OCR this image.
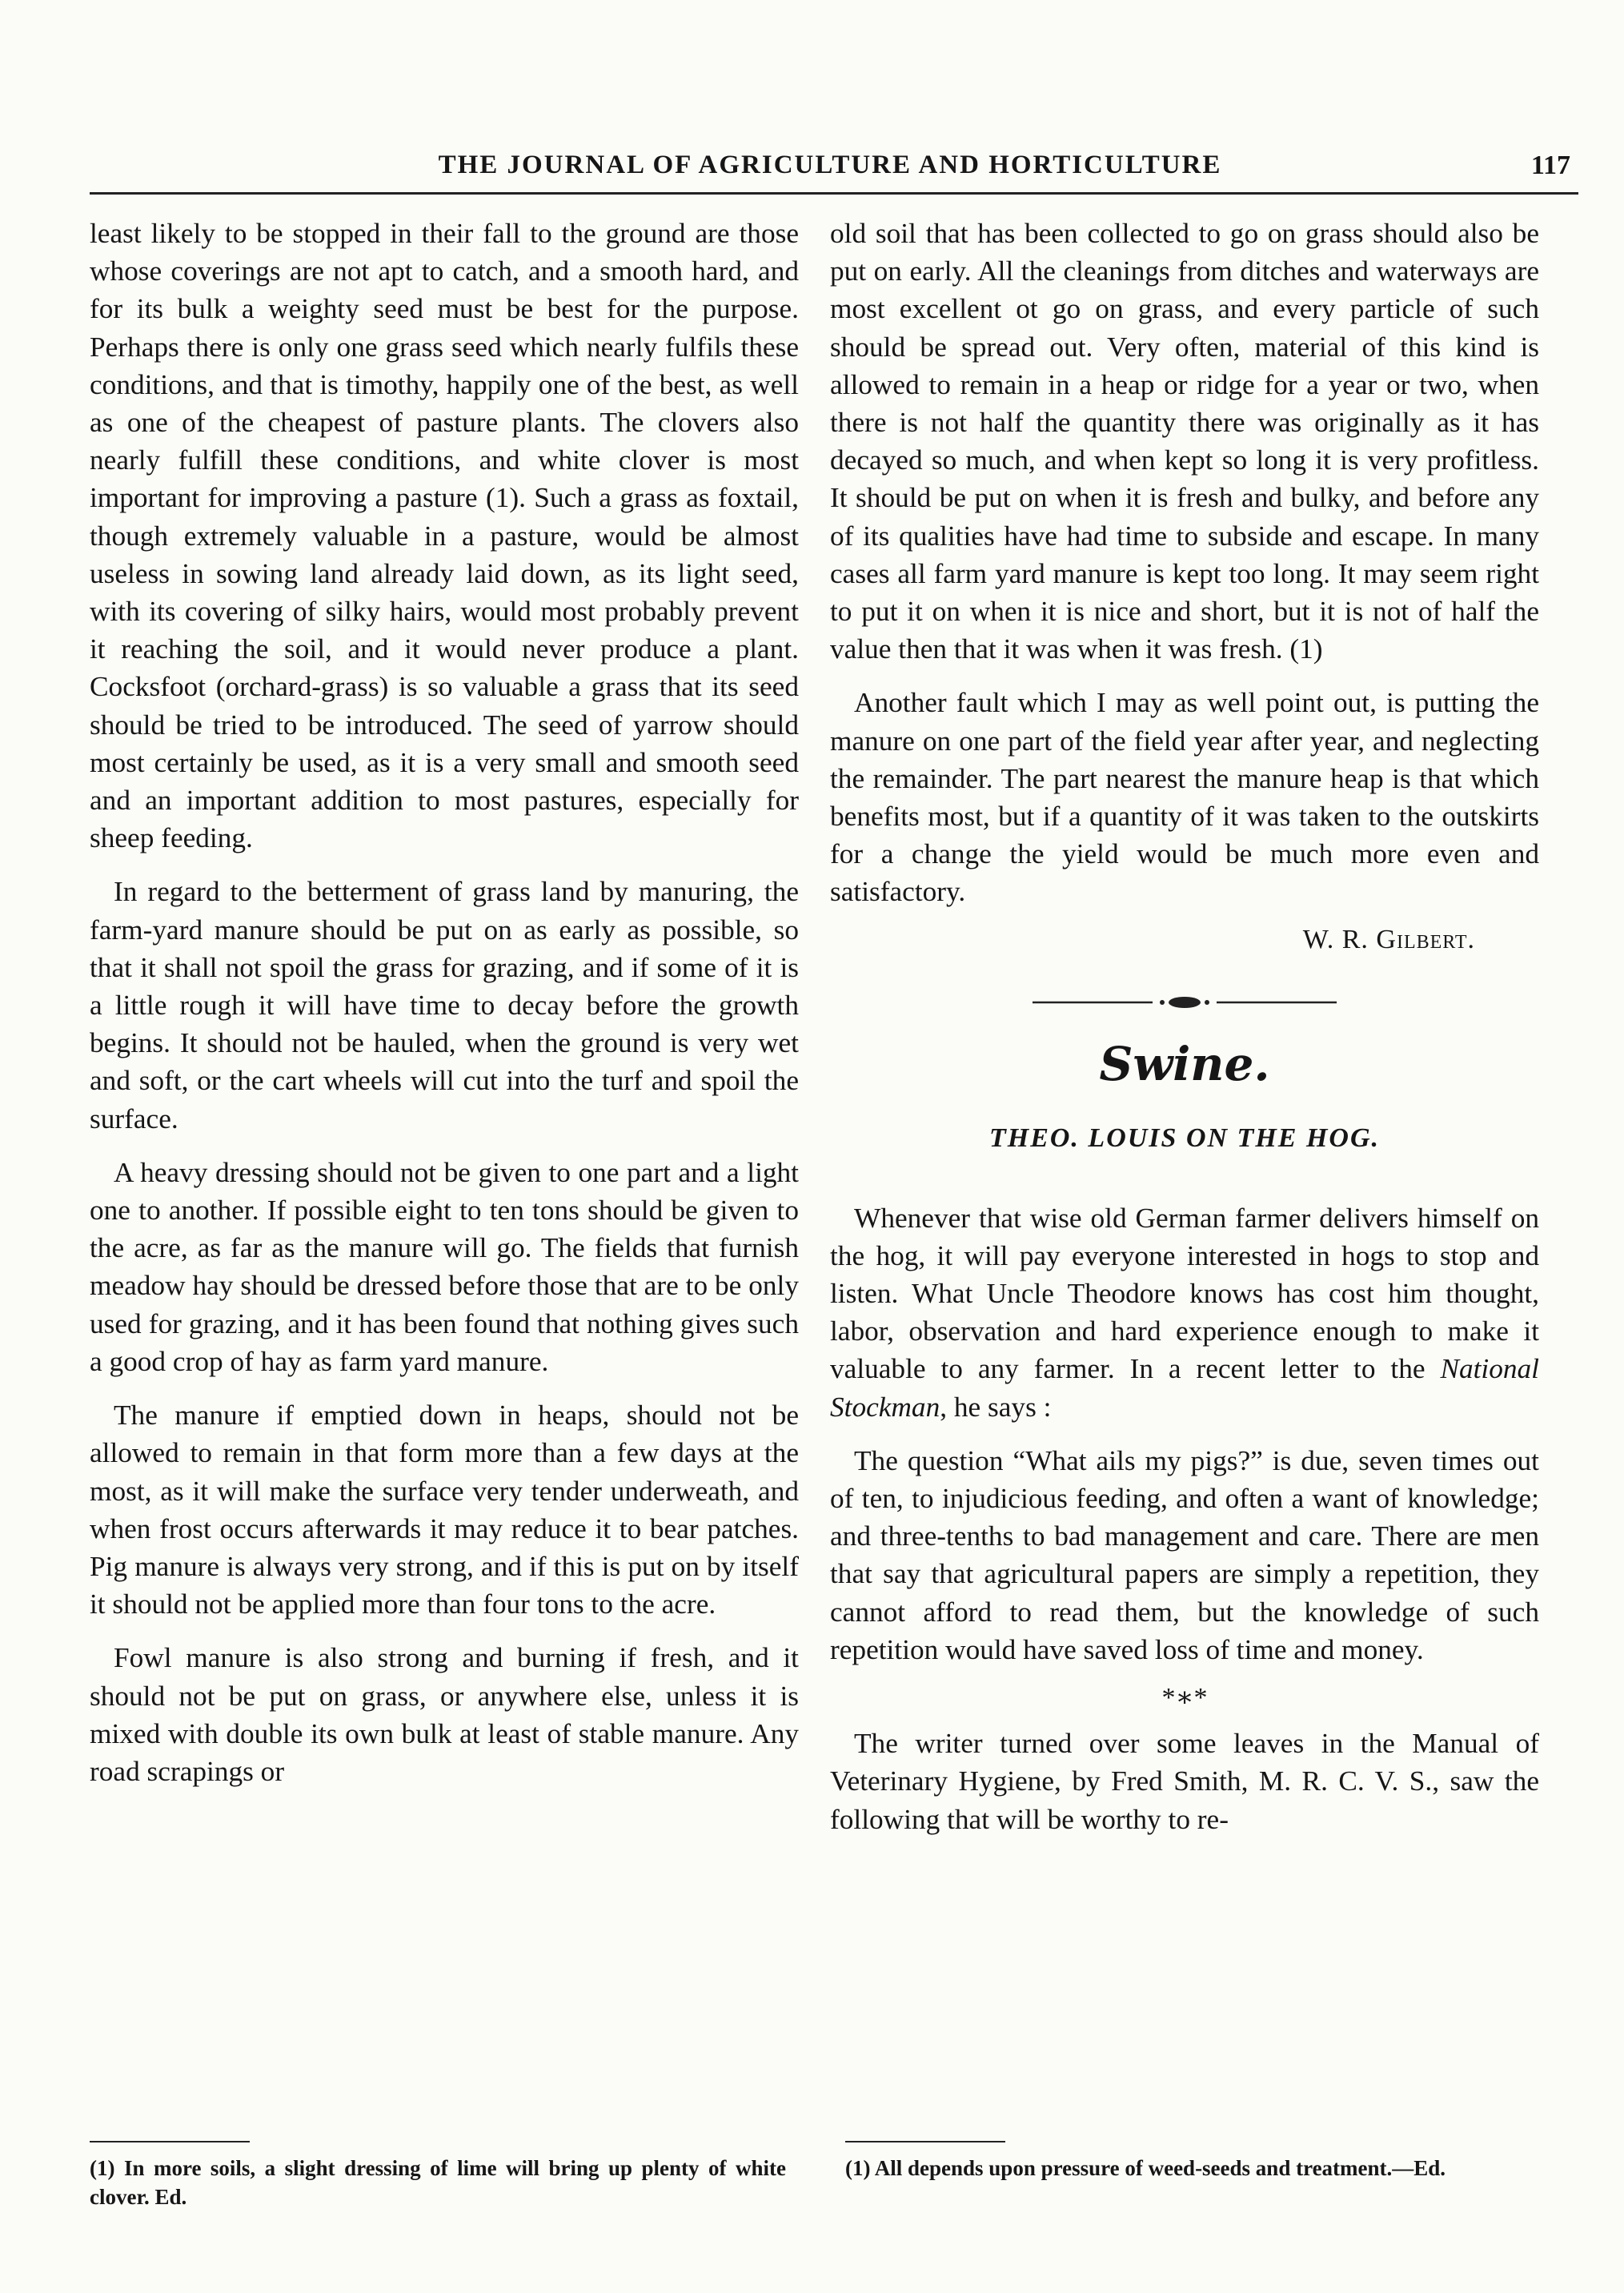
THE JOURNAL OF AGRICULTURE AND HORTICULTURE	117

least likely to be stopped in their fall to the ground are those whose coverings are not apt to catch, and a smooth hard, and for its bulk a weighty seed must be best for the purpose. Perhaps there is only one grass seed which nearly fulfils these conditions, and that is timothy, happily one of the best, as well as one of the cheapest of pasture plants. The clovers also nearly fulfill these conditions, and white clover is most important for improving a pasture (1). Such a grass as foxtail, though extremely valuable in a pasture, would be almost useless in sowing land already laid down, as its light seed, with its covering of silky hairs, would most probably prevent it reaching the soil, and it would never produce a plant. Cocksfoot (orchard-grass) is so valuable a grass that its seed should be tried to be introduced. The seed of yarrow should most certainly be used, as it is a very small and smooth seed and an important addition to most pastures, especially for sheep feeding.

In regard to the betterment of grass land by manuring, the farm-yard manure should be put on as early as possible, so that it shall not spoil the grass for grazing, and if some of it is a little rough it will have time to decay before the growth begins. It should not be hauled, when the ground is very wet and soft, or the cart wheels will cut into the turf and spoil the surface.

A heavy dressing should not be given to one part and a light one to another. If possible eight to ten tons should be given to the acre, as far as the manure will go. The fields that furnish meadow hay should be dressed before those that are to be only used for grazing, and it has been found that nothing gives such a good crop of hay as farm yard manure.

The manure if emptied down in heaps, should not be allowed to remain in that form more than a few days at the most, as it will make the surface very tender underweath, and when frost occurs afterwards it may reduce it to bear patches. Pig manure is always very strong, and if this is put on by itself it should not be applied more than four tons to the acre.

Fowl manure is also strong and burning if fresh, and it should not be put on grass, or anywhere else, unless it is mixed with double its own bulk at least of stable manure. Any road scrapings or

(1) In more soils, a slight dressing of lime will bring up plenty of white clover. Ed.

old soil that has been collected to go on grass should also be put on early. All the cleanings from ditches and waterways are most excellent ot go on grass, and every particle of such should be spread out. Very often, material of this kind is allowed to remain in a heap or ridge for a year or two, when there is not half the quantity there was originally as it has decayed so much, and when kept so long it is very profitless. It should be put on when it is fresh and bulky, and before any of its qualities have had time to subside and escape. In many cases all farm yard manure is kept too long. It may seem right to put it on when it is nice and short, but it is not of half the value then that it was when it was fresh. (1)

Another fault which I may as well point out, is putting the manure on one part of the field year after year, and neglecting the remainder. The part nearest the manure heap is that which benefits most, but if a quantity of it was taken to the outskirts for a change the yield would be much more even and satisfactory.

W. R. Gilbert.
Swine.
THEO. LOUIS ON THE HOG.

Whenever that wise old German farmer delivers himself on the hog, it will pay everyone interested in hogs to stop and listen. What Uncle Theodore knows has cost him thought, labor, observation and hard experience enough to make it valuable to any farmer. In a recent letter to the National Stockman, he says :

The question “What ails my pigs?” is due, seven times out of ten, to injudicious feeding, and often a want of knowledge; and three-tenths to bad management and care. There are men that say that agricultural papers are simply a repetition, they cannot afford to read them, but the knowledge of such repetition would have saved loss of time and money.

*∗*

The writer turned over some leaves in the Manual of Veterinary Hygiene, by Fred Smith, M. R. C. V. S., saw the following that will be worthy to re-

(1) All depends upon pressure of weed-seeds and treatment.—Ed.
